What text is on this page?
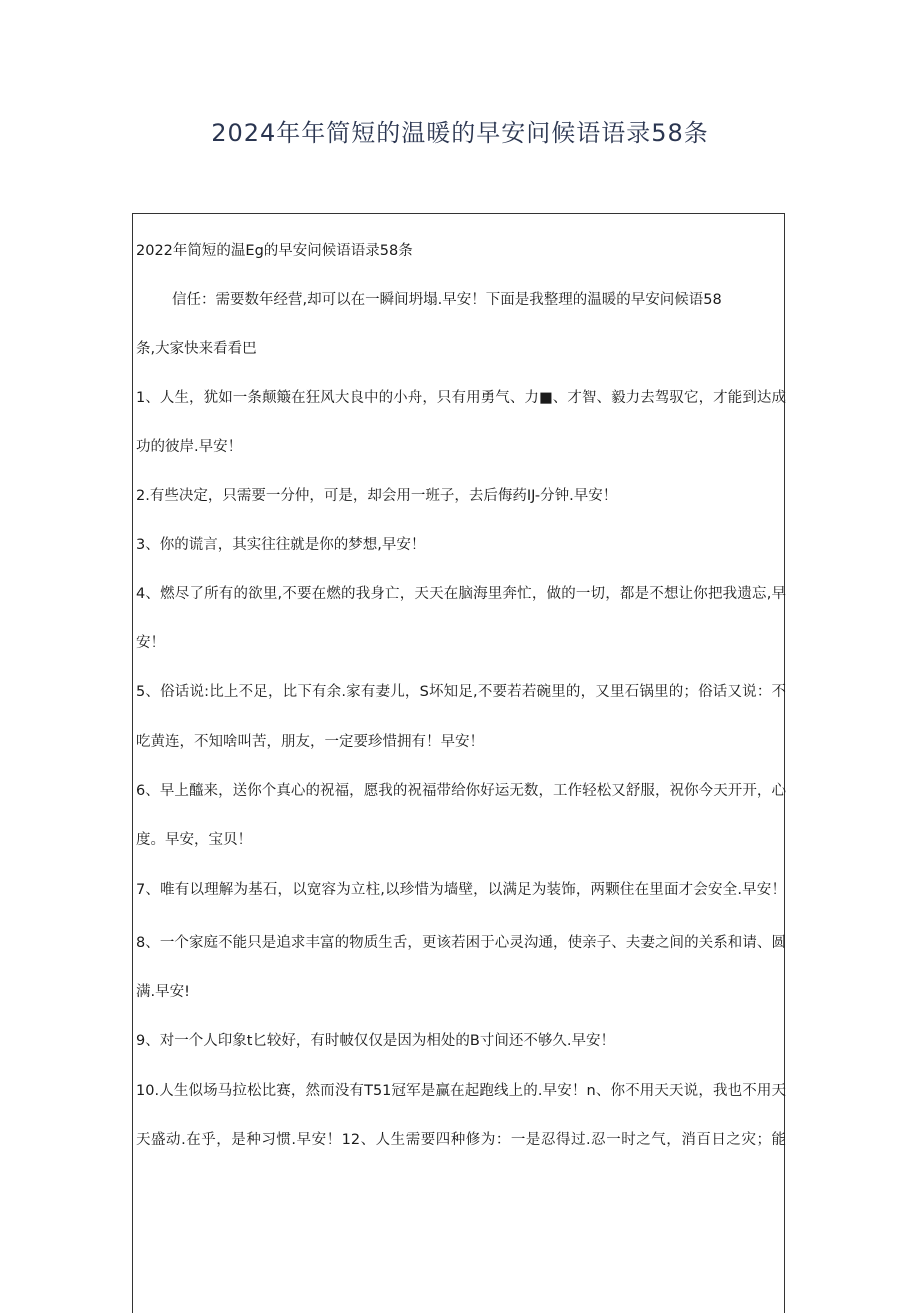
2024年年简短的温暖的早安问候语语录58条
2022年简短的温Eg的早安问候语语录58条
信任：需要数年经营,却可以在一瞬间坍塌.早安！下面是我整理的温暖的早安问候语58
条,大家快来看看巴
1、人生，犹如一条颠簸在狂风大良中的小舟，只有用勇气、力■、才智、毅力去驾驭它，才能到达成
功的彼岸.早安！
2.有些决定，只需要一分仲，可是，却会用一班子，去后侮药IJ-分钟.早安！
3、你的谎言，其实往往就是你的梦想,早安！
4、燃尽了所有的欲里,不要在燃的我身亡，天天在脑海里奔忙，做的一切，都是不想让你把我遗忘,早
安！
5、俗话说:比上不足，比下有余.家有妻儿，S坏知足,不要若若碗里的，又里石锅里的；俗话又说：不
吃黄连，不知啥叫苦，朋友，一定要珍惜拥有！早安！
6、早上醯来，送你个真心的祝福，愿我的祝福带给你好运无数，工作轻松又舒服，祝你今天开开，心
度。早安，宝贝！
7、唯有以理解为基石，以宽容为立柱,以珍惜为墙壁，以满足为装饰，两颗住在里面才会安全.早安！
8、一个家庭不能只是追求丰富的物质生舌，更该若困于心灵沟通，使亲子、夫妻之间的关系和请、圆
满.早安!
9、对一个人印象t匕较好，有时帔仅仅是因为相处的B寸间还不够久.早安！
10.人生似场马拉松比赛，然而没有T51冠军是赢在起跑线上的.早安！n、你不用天天说，我也不用天
天盛动.在乎，是种习惯.早安！12、人生需要四种修为：一是忍得过.忍一时之气，消百日之灾；能
